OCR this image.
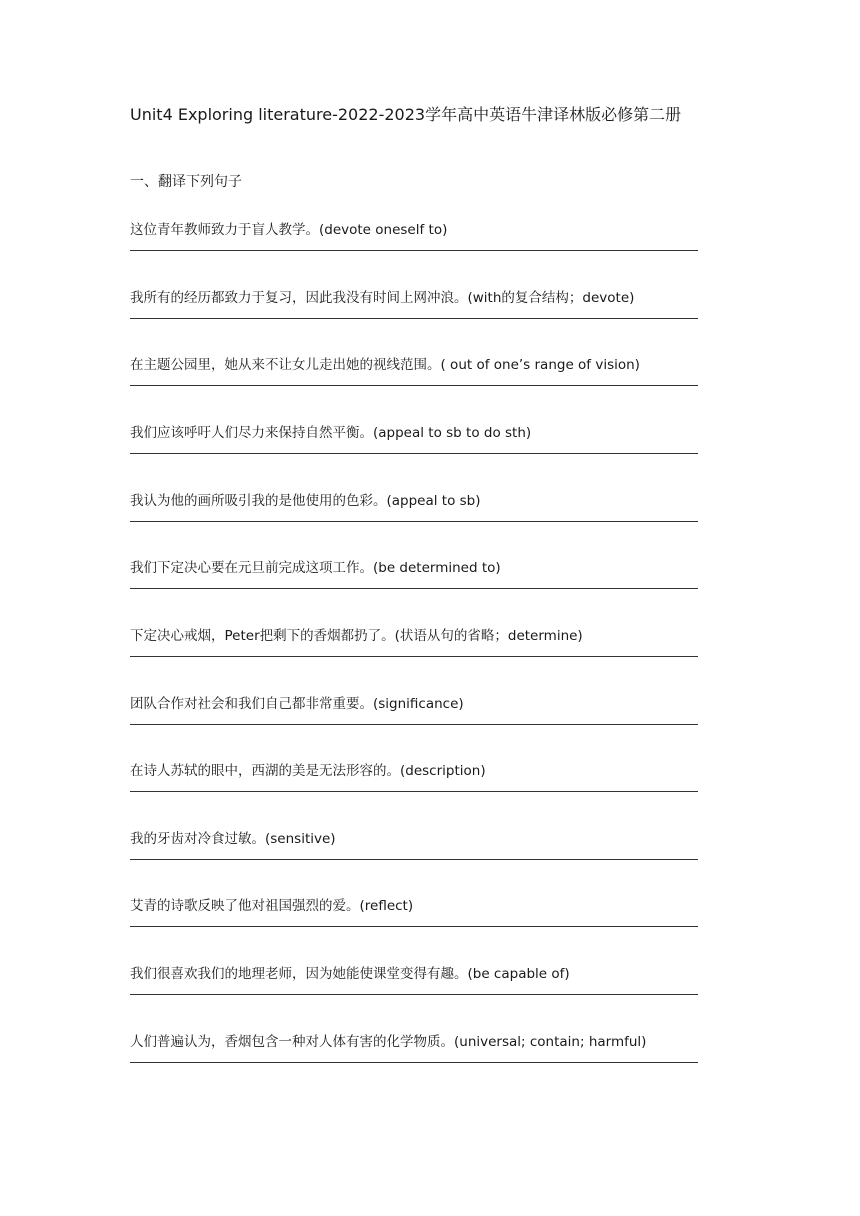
Unit4 Exploring literature-2022-2023学年高中英语牛津译林版必修第二册
一、翻译下列句子
这位青年教师致力于盲人教学。(devote oneself to)
我所有的经历都致力于复习，因此我没有时间上网冲浪。(with的复合结构；devote)
在主题公园里，她从来不让女儿走出她的视线范围。( out of one’s range of vision)
我们应该呼吁人们尽力来保持自然平衡。(appeal to sb to do sth)
我认为他的画所吸引我的是他使用的色彩。(appeal to sb)
我们下定决心要在元旦前完成这项工作。(be determined to)
下定决心戒烟，Peter把剩下的香烟都扔了。(状语从句的省略；determine)
团队合作对社会和我们自己都非常重要。(significance)
在诗人苏轼的眼中，西湖的美是无法形容的。(description)
我的牙齿对冷食过敏。(sensitive)
艾青的诗歌反映了他对祖国强烈的爱。(reflect)
我们很喜欢我们的地理老师，因为她能使课堂变得有趣。(be capable of)
人们普遍认为，香烟包含一种对人体有害的化学物质。(universal; contain; harmful)
